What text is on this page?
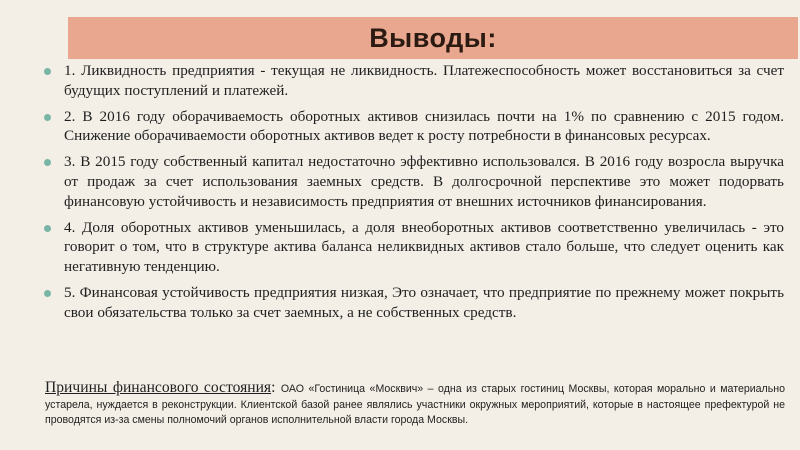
Выводы:
1. Ликвидность предприятия - текущая не ликвидность. Платежеспособность может восстановиться за счет будущих поступлений и платежей.
2. В 2016 году оборачиваемость оборотных активов снизилась почти на 1% по сравнению с 2015 годом. Снижение оборачиваемости оборотных активов ведет к росту потребности в финансовых ресурсах.
3. В 2015 году собственный капитал недостаточно эффективно использовался. В 2016 году возросла выручка от продаж за счет использования заемных средств. В долгосрочной перспективе это может подорвать финансовую устойчивость и независимость предприятия от внешних источников финансирования.
4. Доля оборотных активов уменьшилась, а доля внеоборотных активов соответственно увеличилась - это говорит о том, что в структуре актива баланса неликвидных активов стало больше, что следует оценить как негативную тенденцию.
5. Финансовая устойчивость предприятия низкая, Это означает, что предприятие по прежнему может покрыть свои обязательства только за счет заемных, а не собственных средств.
Причины финансового состояния: ОАО «Гостиница «Москвич» – одна из старых гостиниц Москвы, которая морально и материально устарела, нуждается в реконструкции. Клиентской базой ранее являлись участники окружных мероприятий, которые в настоящее префектурой не проводятся из-за смены полномочий органов исполнительной власти города Москвы.
